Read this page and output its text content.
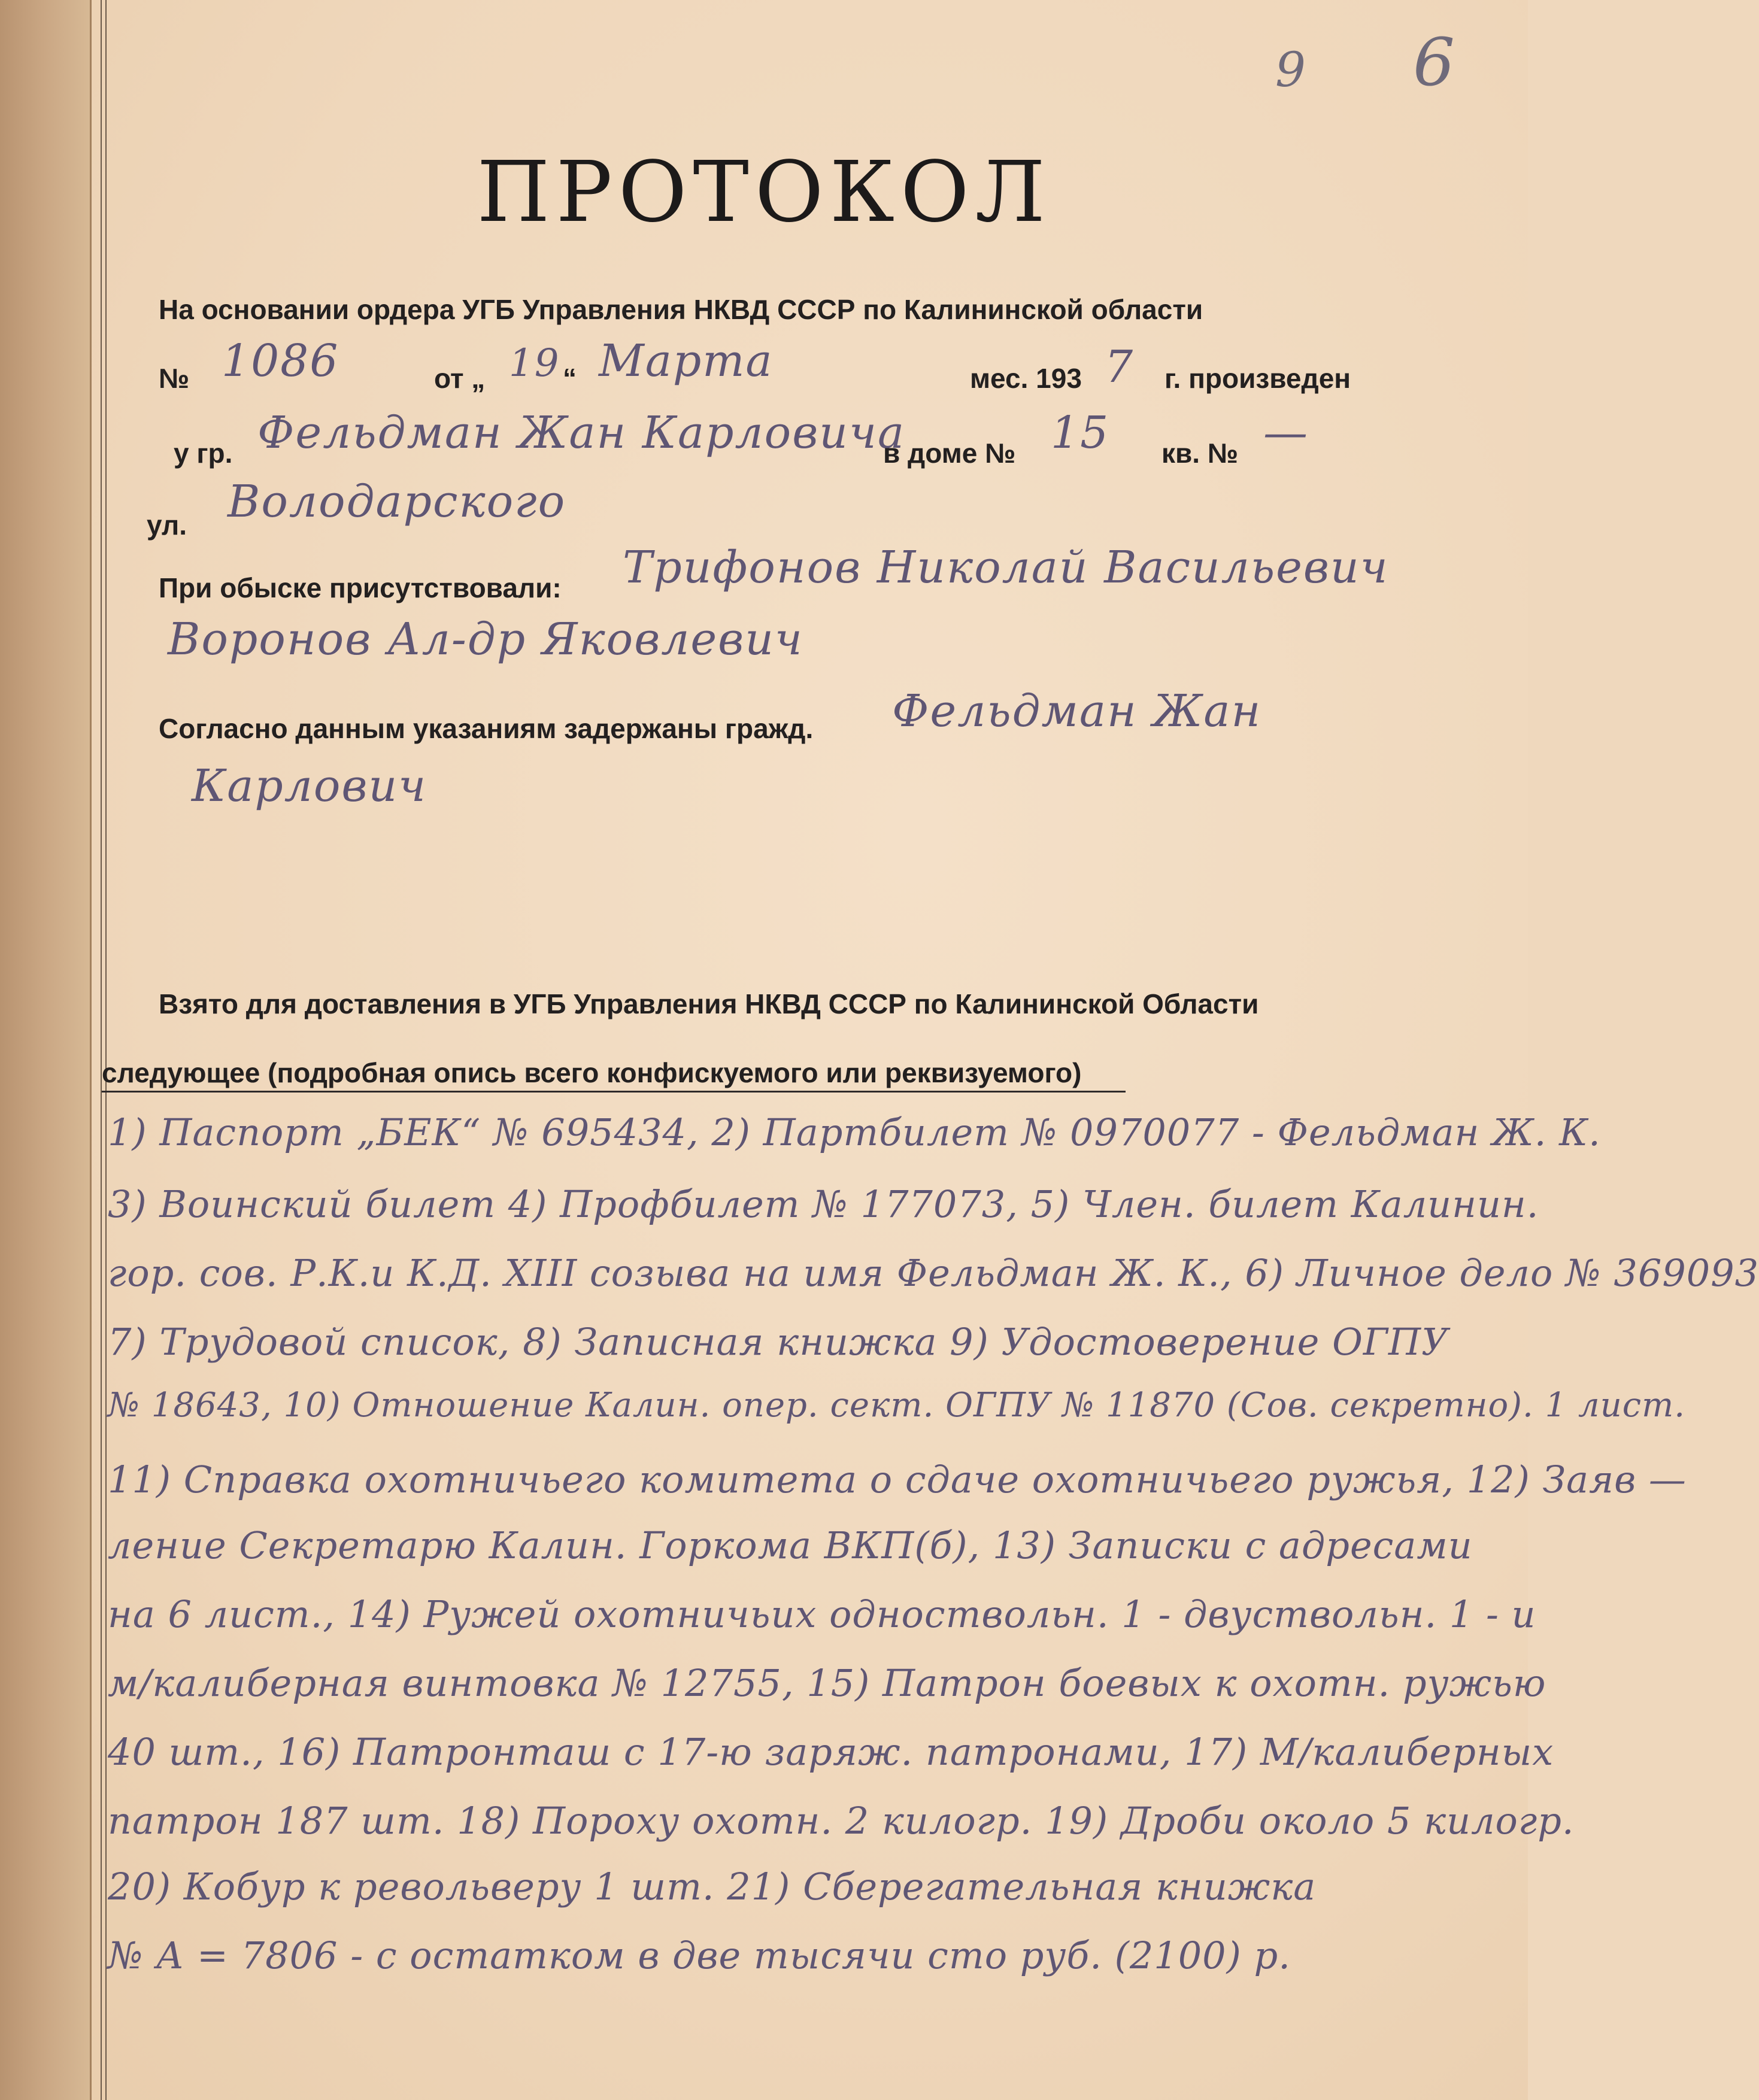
9 6
ПРОТОКОЛ
На основании ордера УГБ Управления НКВД СССР по Калининской области
№ 1086	от „ 19 “ Марта	мес. 193 7 г. произведен
у гр. Фельдман Жан Карловича
в доме № 15 кв. № —
ул. Володарского
При обыске присутствовали: Трифонов Николай Васильевич
Воронов Ал-др Яковлевич
Согласно данным указаниям задержаны гражд. Фельдман Жан
Карлович
Взято для доставления в УГБ Управления НКВД СССР по Калининской Области
следующее (подробная опись всего конфискуемого или реквизуемого)
1) Паспорт „БЕК“ № 695434, 2) Партбилет № 0970077 - Фельдман Ж. К.
3) Воинский билет 4) Профбилет № 177073, 5) Член. билет Калинин.
гор. сов. Р.К.и К.Д. XIII созыва на имя Фельдман Ж. К., 6) Личное дело № 369093
7) Трудовой список, 8) Записная книжка 9) Удостоверение ОГПУ
№ 18643, 10) Отношение Калин. опер. сект. ОГПУ № 11870 (Сов. секретно). 1 лист.
11) Справка охотничьего комитета о сдаче охотничьего ружья, 12) Заяв —
ление Секретарю Калин. Горкома ВКП(б), 13) Записки с адресами
на 6 лист., 14) Ружей охотничьих одноствольн. 1 - двуствольн. 1 - и
м/калиберная винтовка № 12755, 15) Патрон боевых к охотн. ружью
40 шт., 16) Патронташ с 17-ю заряж. патронами, 17) М/калиберных
патрон 187 шт. 18) Пороху охотн. 2 килогр. 19) Дроби около 5 килогр.
20) Кобур к револьверу 1 шт. 21) Сберегательная книжка
№ А = 7806 - с остатком в две тысячи сто руб. (2100) р.
